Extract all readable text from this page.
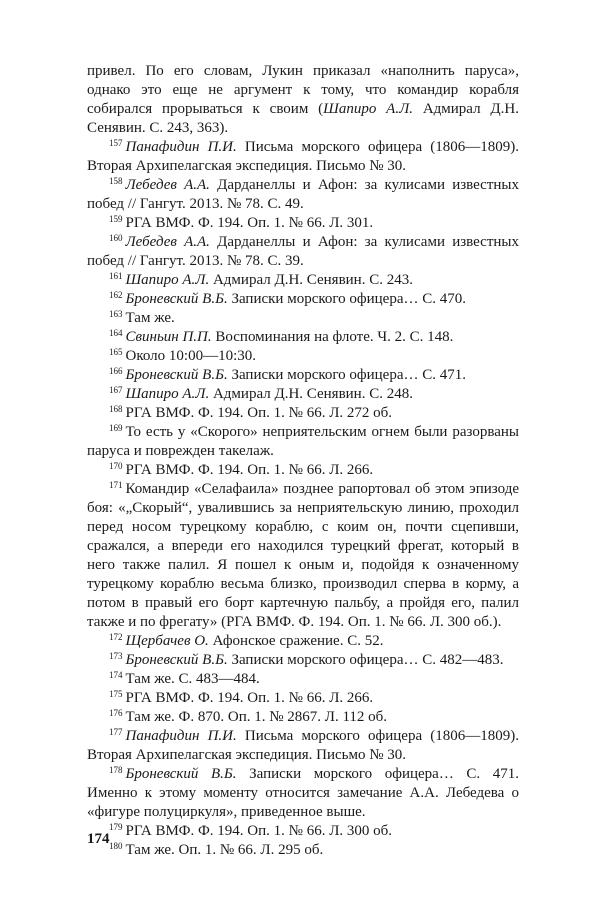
привел. По его словам, Лукин приказал «наполнить паруса», однако это еще не аргумент к тому, что командир корабля собирался прорываться к своим (Шапиро А.Л. Адмирал Д.Н. Сенявин. С. 243, 363).

$^{157}$ Панафидин П.И. Письма морского офицера (1806—1809). Вторая Архипелагская экспедиция. Письмо № 30.

$^{158}$ Лебедев А.А. Дарданеллы и Афон: за кулисами известных побед // Гангут. 2013. № 78. С. 49.

$^{159}$ РГА ВМФ. Ф. 194. Оп. 1. № 66. Л. 301.

$^{160}$ Лебедев А.А. Дарданеллы и Афон: за кулисами известных побед // Гангут. 2013. № 78. С. 39.

$^{161}$ Шапиро А.Л. Адмирал Д.Н. Сенявин. С. 243.

$^{162}$ Броневский В.Б. Записки морского офицера… С. 470.

$^{163}$ Там же.

$^{164}$ Свиньин П.П. Воспоминания на флоте. Ч. 2. С. 148.

$^{165}$ Около 10:00—10:30.

$^{166}$ Броневский В.Б. Записки морского офицера… С. 471.

$^{167}$ Шапиро А.Л. Адмирал Д.Н. Сенявин. С. 248.

$^{168}$ РГА ВМФ. Ф. 194. Оп. 1. № 66. Л. 272 об.

$^{169}$ То есть у «Скорого» неприятельским огнем были разорваны паруса и поврежден такелаж.

$^{170}$ РГА ВМФ. Ф. 194. Оп. 1. № 66. Л. 266.

$^{171}$ Командир «Селафаила» позднее рапортовал об этом эпизоде боя: «„Скорый“, увалившись за неприятельскую линию, проходил перед носом турецкому кораблю, с коим он, почти сцепивши, сражался, а впереди его находился турецкий фрегат, который в него также палил. Я пошел к оным и, подойдя к означенному турецкому кораблю весьма близко, производил сперва в корму, а потом в правый его борт картечную пальбу, а пройдя его, палил также и по фрегату» (РГА ВМФ. Ф. 194. Оп. 1. № 66. Л. 300 об.).

$^{172}$ Щербачев О. Афонское сражение. С. 52.

$^{173}$ Броневский В.Б. Записки морского офицера… С. 482—483.

$^{174}$ Там же. С. 483—484.

$^{175}$ РГА ВМФ. Ф. 194. Оп. 1. № 66. Л. 266.

$^{176}$ Там же. Ф. 870. Оп. 1. № 2867. Л. 112 об.

$^{177}$ Панафидин П.И. Письма морского офицера (1806—1809). Вторая Архипелагская экспедиция. Письмо № 30.

$^{178}$ Броневский В.Б. Записки морского офицера… С. 471. Именно к этому моменту относится замечание А.А. Лебедева о «фигуре полуциркуля», приведенное выше.

$^{179}$ РГА ВМФ. Ф. 194. Оп. 1. № 66. Л. 300 об.

$^{180}$ Там же. Оп. 1. № 66. Л. 295 об.

174
